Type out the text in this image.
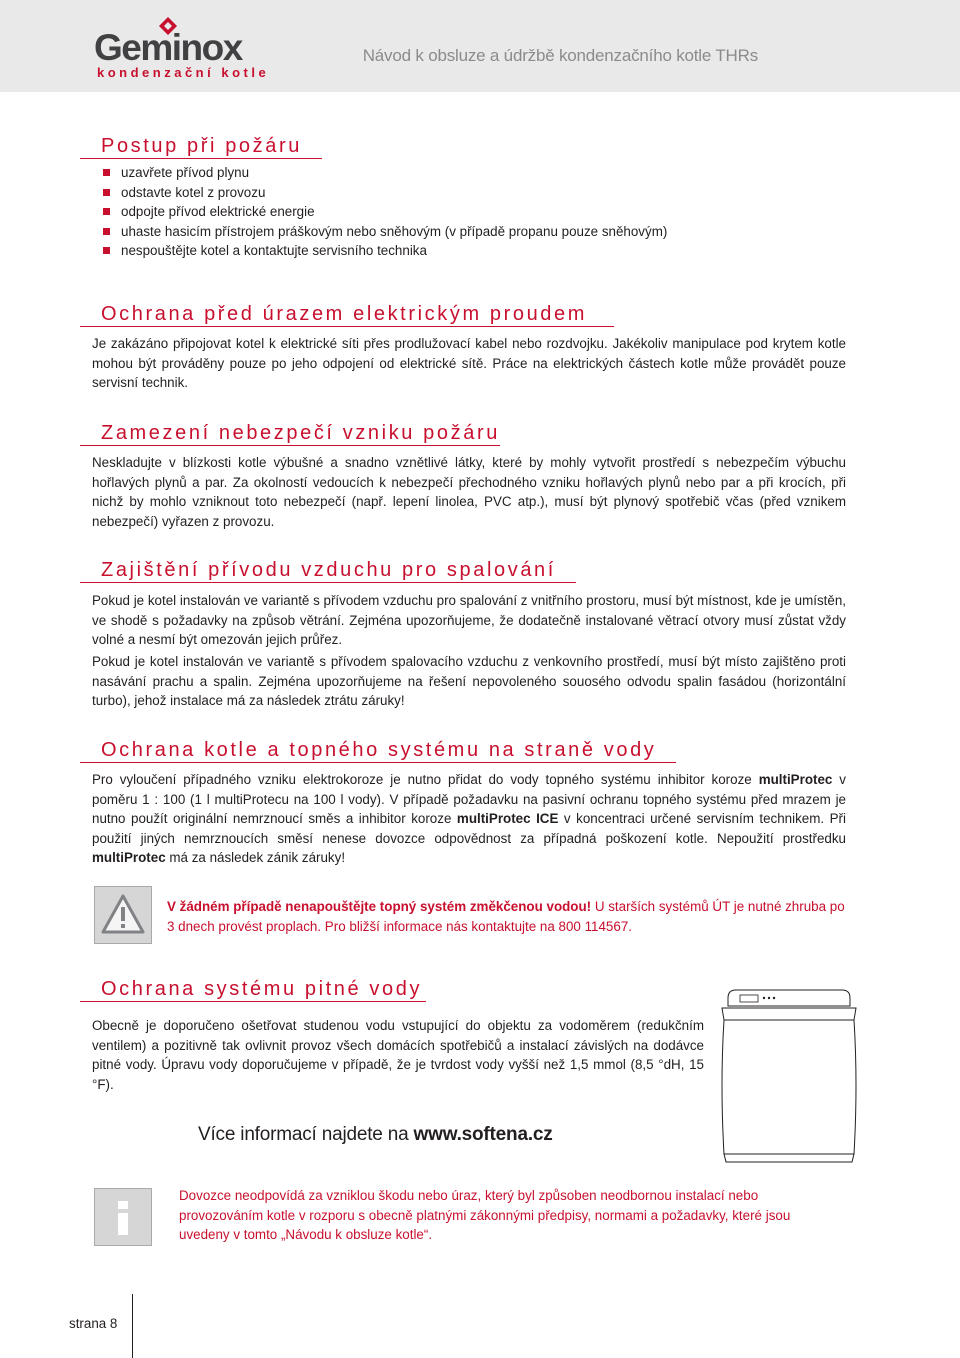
Geminox
kondenzační kotle
Návod k obsluze a údržbě kondenzačního kotle THRs
Postup při požáru
uzavřete přívod plynu
odstavte kotel z provozu
odpojte přívod elektrické energie
uhaste hasicím přístrojem práškovým nebo sněhovým (v případě propanu pouze sněhovým)
nespouštějte kotel a kontaktujte servisního technika
Ochrana před úrazem elektrickým proudem

Je zakázáno připojovat kotel k elektrické síti přes prodlužovací kabel nebo rozdvojku. Jakékoliv manipulace pod krytem kotle mohou být prováděny pouze po jeho odpojení od elektrické sítě. Práce na elektrických částech kotle může provádět pouze servisní technik.

Zamezení nebezpečí vzniku požáru

Neskladujte v blízkosti kotle výbušné a snadno vznětlivé látky, které by mohly vytvořit prostředí s nebezpečím výbuchu hořlavých plynů a par. Za okolností vedoucích k nebezpečí přechodného vzniku hořlavých plynů nebo par a při krocích, při nichž by mohlo vzniknout toto nebezpečí (např. lepení linolea, PVC atp.), musí být plynový spotřebič včas (před vznikem nebezpečí) vyřazen z provozu.

Zajištění přívodu vzduchu pro spalování

Pokud je kotel instalován ve variantě s přívodem vzduchu pro spalování z vnitřního prostoru, musí být místnost, kde je umístěn, ve shodě s požadavky na způsob větrání. Zejména upozorňujeme, že dodatečně instalované větrací otvory musí zůstat vždy volné a nesmí být omezován jejich průřez.

Pokud je kotel instalován ve variantě s přívodem spalovacího vzduchu z venkovního prostředí, musí být místo zajištěno proti nasávání prachu a spalin. Zejména upozorňujeme na řešení nepovoleného souosého odvodu spalin fasádou (horizontální turbo), jehož instalace má za následek ztrátu záruky!

Ochrana kotle a topného systému na straně vody

Pro vyloučení případného vzniku elektrokoroze je nutno přidat do vody topného systému inhibitor koroze multiProtec v poměru 1 : 100 (1 l multiProtecu na 100 l vody). V případě požadavku na pasivní ochranu topného systému před mrazem je nutno použít originální nemrznoucí směs a inhibitor koroze multiProtec ICE v koncentraci určené servisním technikem. Při použití jiných nemrznoucích směsí nenese dovozce odpovědnost za případná poškození kotle. Nepoužití prostředku multiProtec má za následek zánik záruky!

V žádném případě nenapouštějte topný systém změkčenou vodou! U starších systémů ÚT je nutné zhruba po 3 dnech provést proplach. Pro bližší informace nás kontaktujte na 800 114567.
Ochrana systému pitné vody

Obecně je doporučeno ošetřovat studenou vodu vstupující do objektu za vodoměrem (redukčním ventilem) a pozitivně tak ovlivnit provoz všech domácích spotřebičů a instalací závislých na dodávce pitné vody. Úpravu vody doporučujeme v případě, že je tvrdost vody vyšší než 1,5 mmol (8,5 °dH, 15 °F).

Více informací najdete na www.softena.cz
Dovozce neodpovídá za vzniklou škodu nebo úraz, který byl způsoben neodbornou instalací nebo provozováním kotle v rozporu s obecně platnými zákonnými předpisy, normami a požadavky, které jsou uvedeny v tomto „Návodu k obsluze kotle“.
strana 8
